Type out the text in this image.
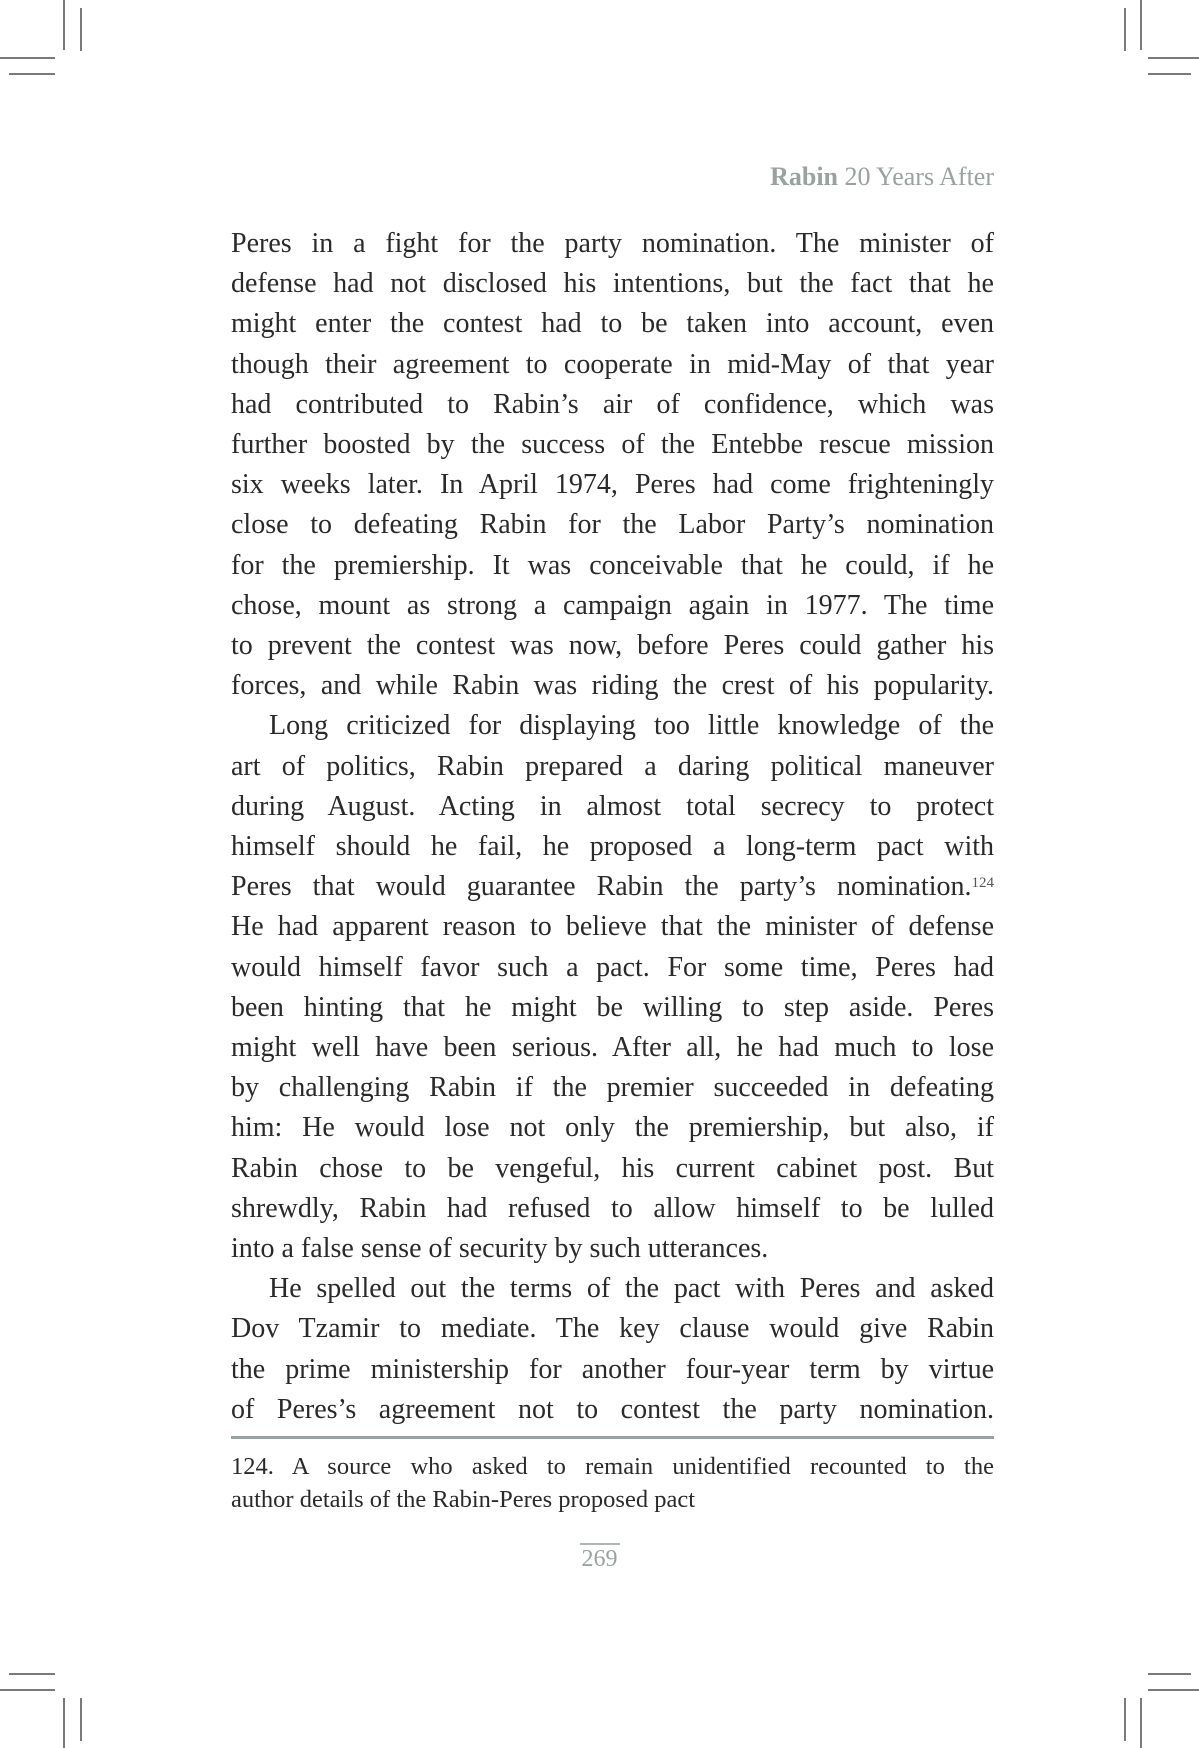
Rabin 20 Years After

Peres in a fight for the party nomination. The minister of
defense had not disclosed his intentions, but the fact that he
might enter the contest had to be taken into account, even
though their agreement to cooperate in mid-May of that year
had contributed to Rabin’s air of confidence, which was
further boosted by the success of the Entebbe rescue mission
six weeks later. In April 1974, Peres had come frighteningly
close to defeating Rabin for the Labor Party’s nomination
for the premiership. It was conceivable that he could, if he
chose, mount as strong a campaign again in 1977. The time
to prevent the contest was now, before Peres could gather his
forces, and while Rabin was riding the crest of his popularity.

Long criticized for displaying too little knowledge of the
art of politics, Rabin prepared a daring political maneuver
during August. Acting in almost total secrecy to protect
himself should he fail, he proposed a long-term pact with
Peres that would guarantee Rabin the party’s nomination.$^{124}$
He had apparent reason to believe that the minister of defense
would himself favor such a pact. For some time, Peres had
been hinting that he might be willing to step aside. Peres
might well have been serious. After all, he had much to lose
by challenging Rabin if the premier succeeded in defeating
him: He would lose not only the premiership, but also, if
Rabin chose to be vengeful, his current cabinet post. But
shrewdly, Rabin had refused to allow himself to be lulled
into a false sense of security by such utterances.

He spelled out the terms of the pact with Peres and asked
Dov Tzamir to mediate. The key clause would give Rabin
the prime ministership for another four-year term by virtue
of Peres’s agreement not to contest the party nomination.

124. A source who asked to remain unidentified recounted to the
author details of the Rabin-Peres proposed pact
269
